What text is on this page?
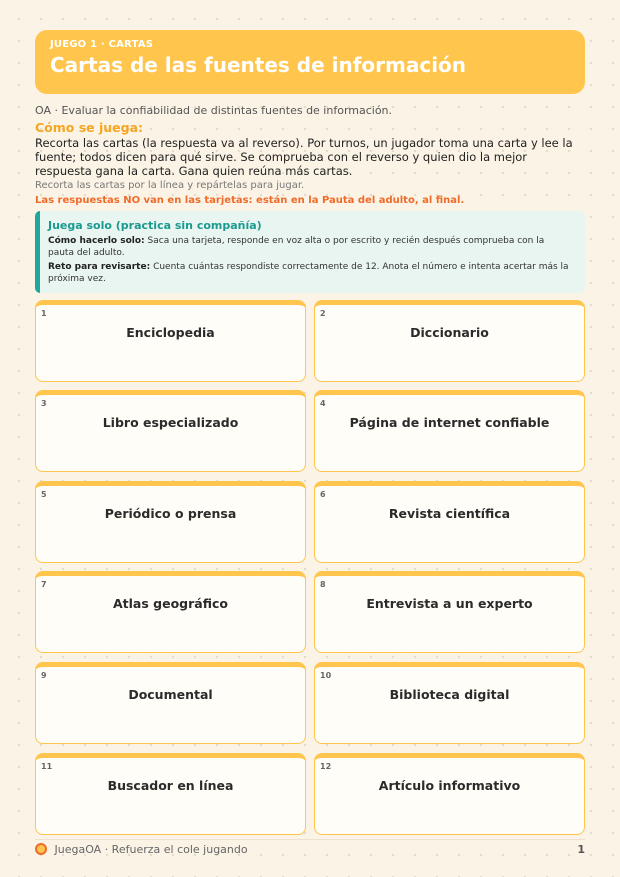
JUEGO 1 · CARTAS
Cartas de las fuentes de información
OA · Evaluar la confiabilidad de distintas fuentes de información.
Cómo se juega:
Recorta las cartas (la respuesta va al reverso). Por turnos, un jugador toma una carta y lee la fuente; todos dicen para qué sirve. Se comprueba con el reverso y quien dio la mejor respuesta gana la carta. Gana quien reúna más cartas.
Recorta las cartas por la línea y repártelas para jugar.
Las respuestas NO van en las tarjetas: están en la Pauta del adulto, al final.
Juega solo (practica sin compañía)
Cómo hacerlo solo: Saca una tarjeta, responde en voz alta o por escrito y recién después comprueba con la pauta del adulto.
Reto para revisarte: Cuenta cuántas respondiste correctamente de 12. Anota el número e intenta acertar más la próxima vez.
1
Enciclopedia
2
Diccionario
3
Libro especializado
4
Página de internet confiable
5
Periódico o prensa
6
Revista científica
7
Atlas geográfico
8
Entrevista a un experto
9
Documental
10
Biblioteca digital
11
Buscador en línea
12
Artículo informativo
JuegaOA · Refuerza el cole jugando	1
